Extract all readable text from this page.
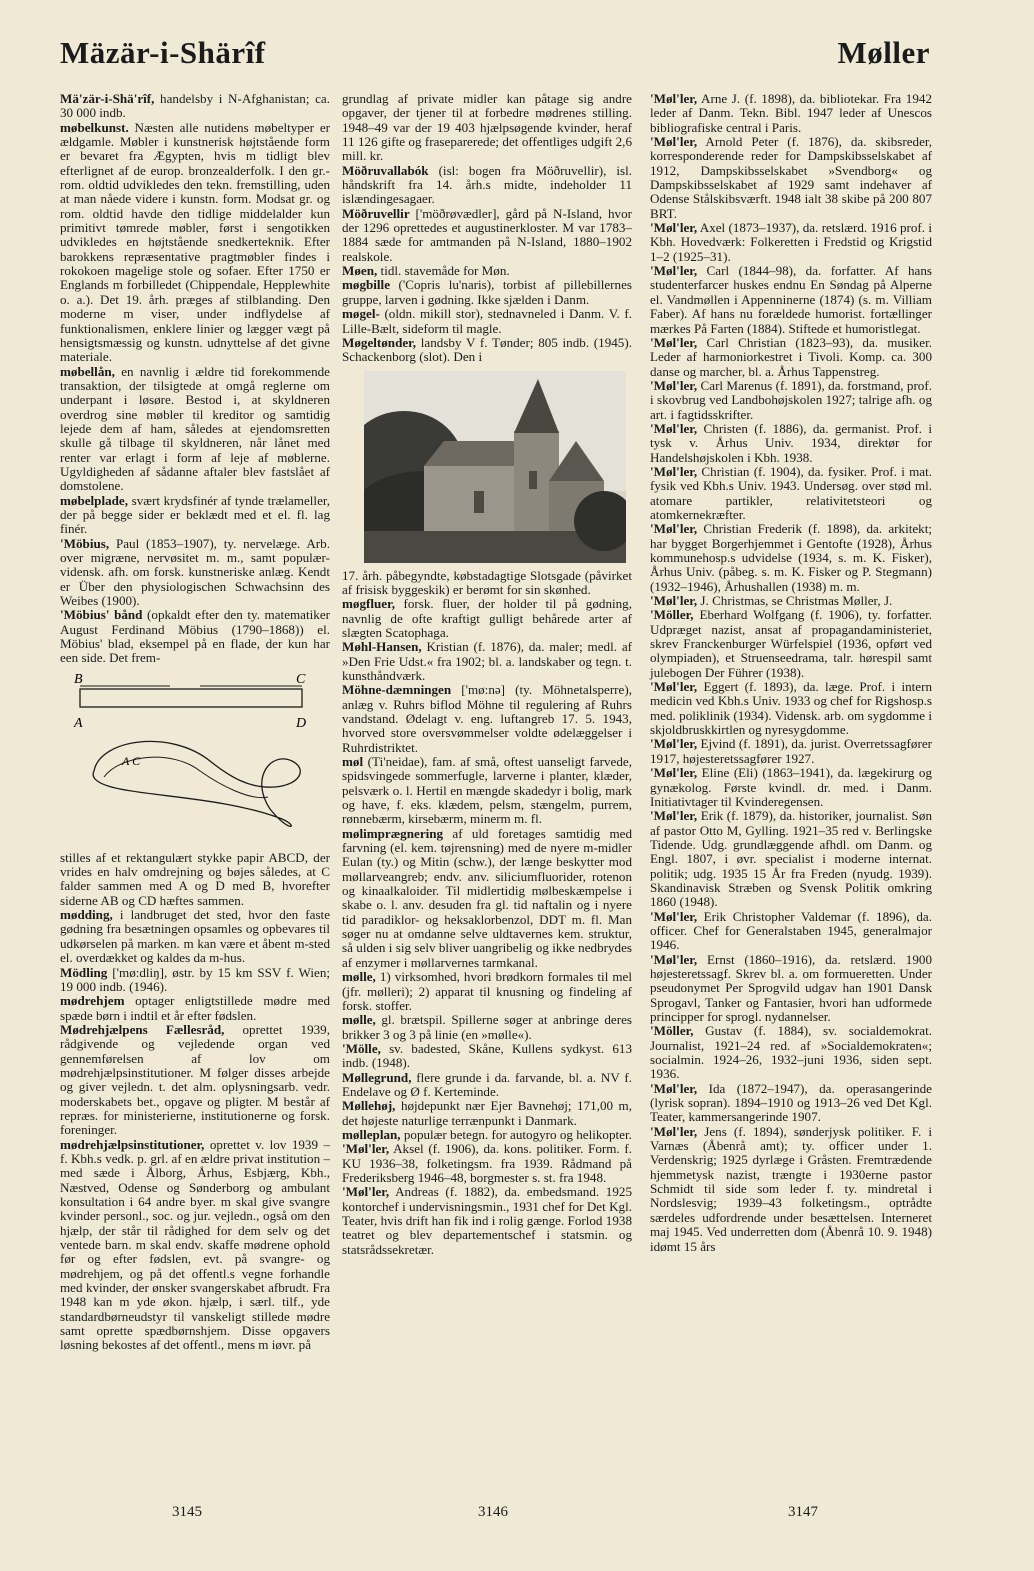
Mäzär-i-Shärîf	Møller

Mä'zär-i-Shä'rîf, handelsby i N-Afghanistan; ca. 30 000 indb.

møbelkunst. Næsten alle nutidens møbeltyper er ældgamle. Møbler i kunstnerisk højtstående form er bevaret fra Ægypten, hvis m tidligt blev efterlignet af de europ. bronzealderfolk. I den gr.-rom. oldtid udvikledes den tekn. fremstilling, uden at man nåede videre i kunstn. form. Modsat gr. og rom. oldtid havde den tidlige middelalder kun primitivt tømrede møbler, først i sengotikken udvikledes en højtstående snedkerteknik. Efter barokkens repræsentative pragtmøbler findes i rokokoen magelige stole og sofaer. Efter 1750 er Englands m forbilledet (Chippendale, Hepplewhite o. a.). Det 19. årh. præges af stilblanding. Den moderne m viser, under indflydelse af funktionalismen, enklere linier og lægger vægt på hensigtsmæssig og kunstn. udnyttelse af det givne materiale.

møbellån, en navnlig i ældre tid forekommende transaktion, der tilsigtede at omgå reglerne om underpant i løsøre. Bestod i, at skyldneren overdrog sine møbler til kreditor og samtidig lejede dem af ham, således at ejendomsretten skulle gå tilbage til skyldneren, når lånet med renter var erlagt i form af leje af møblerne. Ugyldigheden af sådanne aftaler blev fastslået af domstolene.

møbelplade, svært krydsfinér af tynde trælameller, der på begge sider er beklædt med et el. fl. lag finér.

'Möbius, Paul (1853–1907), ty. nervelæge. Arb. over migræne, nervøsitet m. m., samt populær-vidensk. afh. om forsk. kunstneriske anlæg. Kendt er Über den physiologischen Schwachsinn des Weibes (1900).

'Möbius' bånd (opkaldt efter den ty. matematiker August Ferdinand Möbius (1790–1868)) el. Möbius' blad, eksempel på en flade, der kun har een side. Det frem-

B	C
A	D
A C

stilles af et rektangulært stykke papir ABCD, der vrides en halv omdrejning og bøjes således, at C falder sammen med A og D med B, hvorefter siderne AB og CD hæftes sammen.

mødding, i landbruget det sted, hvor den faste gødning fra besætningen opsamles og opbevares til udkørselen på marken. m kan være et åbent m-sted el. overdækket og kaldes da m-hus.

Mödling ['mø:dliŋ], østr. by 15 km SSV f. Wien; 19 000 indb. (1946).

mødrehjem optager enligtstillede mødre med spæde børn i indtil et år efter fødslen.

Mødrehjælpens Fællesråd, oprettet 1939, rådgivende og vejledende organ ved gennemførelsen af lov om mødrehjælpsinstitutioner. M følger disses arbejde og giver vejledn. t. det alm. oplysningsarb. vedr. moderskabets bet., opgave og pligter. M består af repræs. for ministerierne, institutionerne og forsk. foreninger.

mødrehjælpsinstitutioner, oprettet v. lov 1939 – f. Kbh.s vedk. p. grl. af en ældre privat institution – med sæde i Ålborg, Århus, Esbjærg, Kbh., Næstved, Odense og Sønderborg og ambulant konsultation i 64 andre byer. m skal give svangre kvinder personl., soc. og jur. vejledn., også om den hjælp, der står til rådighed for dem selv og det ventede barn. m skal endv. skaffe mødrene ophold før og efter fødslen, evt. på svangre- og mødrehjem, og på det offentl.s vegne forhandle med kvinder, der ønsker svangerskabet afbrudt. Fra 1948 kan m yde økon. hjælp, i særl. tilf., yde standardbørneudstyr til vanskeligt stillede mødre samt oprette spædbørnshjem. Disse opgavers løsning bekostes af det offentl., mens m iøvr. på

grundlag af private midler kan påtage sig andre opgaver, der tjener til at forbedre mødrenes stilling. 1948–49 var der 19 403 hjælpsøgende kvinder, heraf 11 126 gifte og fraseparerede; det offentliges udgift 2,6 mill. kr.

Möðruvallabók (isl: bogen fra Möðruvellir), isl. håndskrift fra 14. årh.s midte, indeholder 11 islændingesagaer.

Möðruvellir ['möðrøvædler], gård på N-Island, hvor der 1296 oprettedes et augustinerkloster. M var 1783–1884 sæde for amtmanden på N-Island, 1880–1902 realskole.

Møen, tidl. stavemåde for Møn.

møgbille ('Copris lu'naris), torbist af pillebillernes gruppe, larven i gødning. Ikke sjælden i Danm.

møgel- (oldn. mikill stor), stednavneled i Danm. V. f. Lille-Bælt, sideform til magle.

Møgeltønder, landsby V f. Tønder; 805 indb. (1945). Schackenborg (slot). Den i

17. årh. påbegyndte, købstadagtige Slotsgade (påvirket af frisisk byggeskik) er berømt for sin skønhed.

møgfluer, forsk. fluer, der holder til på gødning, navnlig de ofte kraftigt gulligt behårede arter af slægten Scatophaga.

Møhl-Hansen, Kristian (f. 1876), da. maler; medl. af »Den Frie Udst.« fra 1902; bl. a. landskaber og tegn. t. kunsthåndværk.

Möhne-dæmningen ['mø:nə] (ty. Möhnetalsperre), anlæg v. Ruhrs biflod Möhne til regulering af Ruhrs vandstand. Ødelagt v. eng. luftangreb 17. 5. 1943, hvorved store oversvømmelser voldte ødelæggelser i Ruhrdistriktet.

møl (Ti'neidae), fam. af små, oftest uanseligt farvede, spidsvingede sommerfugle, larverne i planter, klæder, pelsværk o. l. Hertil en mængde skadedyr i bolig, mark og have, f. eks. klædem, pelsm, stængelm, purrem, rønnebærm, kirsebærm, minerm m. fl.

mølimprægnering af uld foretages samtidig med farvning (el. kem. tøjrensning) med de nyere m-midler Eulan (ty.) og Mitin (schw.), der længe beskytter mod møllarveangreb; endv. anv. siliciumfluorider, rotenon og kinaalkaloider. Til midlertidig mølbeskæmpelse i skabe o. l. anv. desuden fra gl. tid naftalin og i nyere tid paradiklor- og heksaklorbenzol, DDT m. fl. Man søger nu at omdanne selve uldtavernes kem. struktur, så ulden i sig selv bliver uangribelig og ikke nedbrydes af enzymer i møllarvernes tarmkanal.

mølle, 1) virksomhed, hvori brødkorn formales til mel (jfr. mølleri); 2) apparat til knusning og findeling af forsk. stoffer.

mølle, gl. brætspil. Spillerne søger at anbringe deres brikker 3 og 3 på linie (en »mølle«).

'Mölle, sv. badested, Skåne, Kullens sydkyst. 613 indb. (1948).

Møllegrund, flere grunde i da. farvande, bl. a. NV f. Endelave og Ø f. Kerteminde.

Møllehøj, højdepunkt nær Ejer Bavnehøj; 171,00 m, det højeste naturlige terrænpunkt i Danmark.

mølleplan, populær betegn. for autogyro og helikopter.

'Møl'ler, Aksel (f. 1906), da. kons. politiker. Form. f. KU 1936–38, folketingsm. fra 1939. Rådmand på Frederiksberg 1946–48, borgmester s. st. fra 1948.

'Møl'ler, Andreas (f. 1882), da. embedsmand. 1925 kontorchef i undervisningsmin., 1931 chef for Det Kgl. Teater, hvis drift han fik ind i rolig gænge. Forlod 1938 teatret og blev departementschef i statsmin. og statsrådssekretær.

'Møl'ler, Arne J. (f. 1898), da. bibliotekar. Fra 1942 leder af Danm. Tekn. Bibl. 1947 leder af Unescos bibliografiske central i Paris.

'Møl'ler, Arnold Peter (f. 1876), da. skibsreder, korresponderende reder for Dampskibsselskabet af 1912, Dampskibsselskabet »Svendborg« og Dampskibsselskabet af 1929 samt indehaver af Odense Stålskibsværft. 1948 ialt 38 skibe på 200 807 BRT.

'Møl'ler, Axel (1873–1937), da. retslærd. 1916 prof. i Kbh. Hovedværk: Folkeretten i Fredstid og Krigstid 1–2 (1925–31).

'Møl'ler, Carl (1844–98), da. forfatter. Af hans studenterfarcer huskes endnu En Søndag på Alperne el. Vandmøllen i Appenninerne (1874) (s. m. Villiam Faber). Af hans nu forældede humorist. fortællinger mærkes På Farten (1884). Stiftede et humoristlegat.

'Møl'ler, Carl Christian (1823–93), da. musiker. Leder af harmoniorkestret i Tivoli. Komp. ca. 300 danse og marcher, bl. a. Århus Tappenstreg.

'Møl'ler, Carl Marenus (f. 1891), da. forstmand, prof. i skovbrug ved Landbohøjskolen 1927; talrige afh. og art. i fagtidsskrifter.

'Møl'ler, Christen (f. 1886), da. germanist. Prof. i tysk v. Århus Univ. 1934, direktør for Handelshøjskolen i Kbh. 1938.

'Møl'ler, Christian (f. 1904), da. fysiker. Prof. i mat. fysik ved Kbh.s Univ. 1943. Undersøg. over stød ml. atomare partikler, relativitetsteori og atomkernekræfter.

'Møl'ler, Christian Frederik (f. 1898), da. arkitekt; har bygget Borgerhjemmet i Gentofte (1928), Århus kommunehosp.s udvidelse (1934, s. m. K. Fisker), Århus Univ. (påbeg. s. m. K. Fisker og P. Stegmann) (1932–1946), Århushallen (1938) m. m.

'Møl'ler, J. Christmas, se Christmas Møller, J.

'Möller, Eberhard Wolfgang (f. 1906), ty. forfatter. Udpræget nazist, ansat af propagandaministeriet, skrev Franckenburger Würfelspiel (1936, opført ved olympiaden), et Struenseedrama, talr. hørespil samt julebogen Der Führer (1938).

'Møl'ler, Eggert (f. 1893), da. læge. Prof. i intern medicin ved Kbh.s Univ. 1933 og chef for Rigshosp.s med. poliklinik (1934). Vidensk. arb. om sygdomme i skjoldbruskkirtlen og nyresygdomme.

'Møl'ler, Ejvind (f. 1891), da. jurist. Overretssagfører 1917, højesteretssagfører 1927.

'Møl'ler, Eline (Eli) (1863–1941), da. lægekirurg og gynækolog. Første kvindl. dr. med. i Danm. Initiativtager til Kvinderegensen.

'Møl'ler, Erik (f. 1879), da. historiker, journalist. Søn af pastor Otto M, Gylling. 1921–35 red v. Berlingske Tidende. Udg. grundlæggende afhdl. om Danm. og Engl. 1807, i øvr. specialist i moderne internat. politik; udg. 1935 15 År fra Freden (nyudg. 1939). Skandinavisk Stræben og Svensk Politik omkring 1860 (1948).

'Møl'ler, Erik Christopher Valdemar (f. 1896), da. officer. Chef for Generalstaben 1945, generalmajor 1946.

'Møl'ler, Ernst (1860–1916), da. retslærd. 1900 højesteretssagf. Skrev bl. a. om formueretten. Under pseudonymet Per Sprogvild udgav han 1901 Dansk Sprogavl, Tanker og Fantasier, hvori han udformede principper for sprogl. nydannelser.

'Möller, Gustav (f. 1884), sv. socialdemokrat. Journalist, 1921–24 red. af »Socialdemokraten«; socialmin. 1924–26, 1932–juni 1936, siden sept. 1936.

'Møl'ler, Ida (1872–1947), da. operasangerinde (lyrisk sopran). 1894–1910 og 1913–26 ved Det Kgl. Teater, kammersangerinde 1907.

'Møl'ler, Jens (f. 1894), sønderjysk politiker. F. i Varnæs (Åbenrå amt); ty. officer under 1. Verdenskrig; 1925 dyrlæge i Gråsten. Fremtrædende hjemmetysk nazist, trængte i 1930erne pastor Schmidt til side som leder f. ty. mindretal i Nordslesvig; 1939–43 folketingsm., optrådte særdeles udfordrende under besættelsen. Interneret maj 1945. Ved underretten dom (Åbenrå 10. 9. 1948) idømt 15 års

3145	3146	3147
